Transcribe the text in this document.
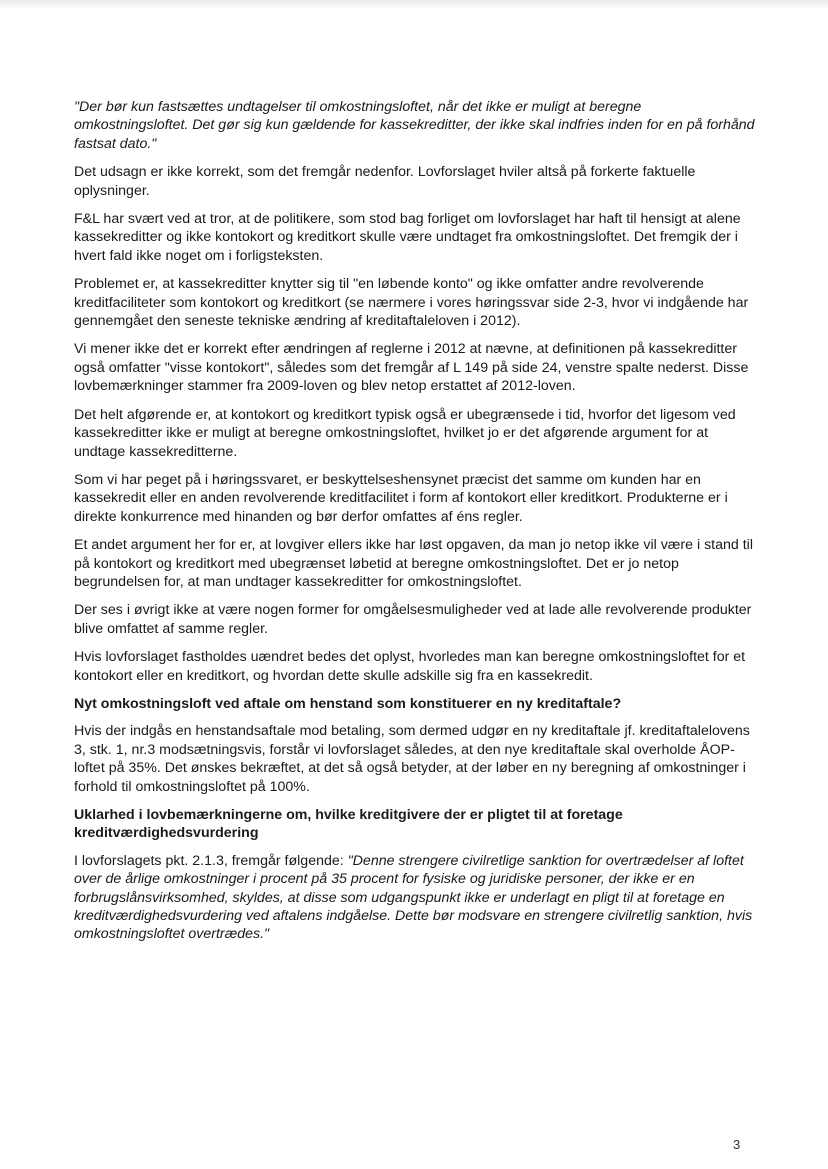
"Der bør kun fastsættes undtagelser til omkostningsloftet, når det ikke er muligt at beregne omkostningsloftet. Det gør sig kun gældende for kassekreditter, der ikke skal indfries inden for en på forhånd fastsat dato."

Det udsagn er ikke korrekt, som det fremgår nedenfor. Lovforslaget hviler altså på forkerte faktuelle oplysninger.

F&L har svært ved at tror, at de politikere, som stod bag forliget om lovforslaget har haft til hensigt at alene kassekreditter og ikke kontokort og kreditkort skulle være undtaget fra omkostningsloftet. Det fremgik der i hvert fald ikke noget om i forligsteksten.

Problemet er, at kassekreditter knytter sig til "en løbende konto" og ikke omfatter andre revolverende kreditfaciliteter som kontokort og kreditkort (se nærmere i vores høringssvar side 2-3, hvor vi indgående har gennemgået den seneste tekniske ændring af kreditaftaleloven i 2012).

Vi mener ikke det er korrekt efter ændringen af reglerne i 2012 at nævne, at definitionen på kassekreditter også omfatter "visse kontokort", således som det fremgår af L 149 på side 24, venstre spalte nederst. Disse lovbemærkninger stammer fra 2009-loven og blev netop erstattet af 2012-loven.

Det helt afgørende er, at kontokort og kreditkort typisk også er ubegrænsede i tid, hvorfor det ligesom ved kassekreditter ikke er muligt at beregne omkostningsloftet, hvilket jo er det afgørende argument for at undtage kassekreditterne.

Som vi har peget på i høringssvaret, er beskyttelseshensynet præcist det samme om kunden har en kassekredit eller en anden revolverende kreditfacilitet i form af kontokort eller kreditkort. Produkterne er i direkte konkurrence med hinanden og bør derfor omfattes af éns regler.

Et andet argument her for er, at lovgiver ellers ikke har løst opgaven, da man jo netop ikke vil være i stand til på kontokort og kreditkort med ubegrænset løbetid at beregne omkostningsloftet. Det er jo netop begrundelsen for, at man undtager kassekreditter for omkostningsloftet.

Der ses i øvrigt ikke at være nogen former for omgåelsesmuligheder ved at lade alle revolverende produkter blive omfattet af samme regler.

Hvis lovforslaget fastholdes uændret bedes det oplyst, hvorledes man kan beregne omkostningsloftet for et kontokort eller en kreditkort, og hvordan dette skulle adskille sig fra en kassekredit.

Nyt omkostningsloft ved aftale om henstand som konstituerer en ny kreditaftale?

Hvis der indgås en henstandsaftale mod betaling, som dermed udgør en ny kreditaftale jf. kreditaftalelovens 3, stk. 1, nr.3 modsætningsvis, forstår vi lovforslaget således, at den nye kreditaftale skal overholde ÅOP-loftet på 35%. Det ønskes bekræftet, at det så også betyder, at der løber en ny beregning af omkostninger i forhold til omkostningsloftet på 100%.

Uklarhed i lovbemærkningerne om, hvilke kreditgivere der er pligtet til at foretage kreditværdighedsvurdering

I lovforslagets pkt. 2.1.3, fremgår følgende: "Denne strengere civilretlige sanktion for overtrædelser af loftet over de årlige omkostninger i procent på 35 procent for fysiske og juridiske personer, der ikke er en forbrugslånsvirksomhed, skyldes, at disse som udgangspunkt ikke er underlagt en pligt til at foretage en kreditværdighedsvurdering ved aftalens indgåelse. Dette bør modsvare en strengere civilretlig sanktion, hvis omkostningsloftet overtrædes."

3
